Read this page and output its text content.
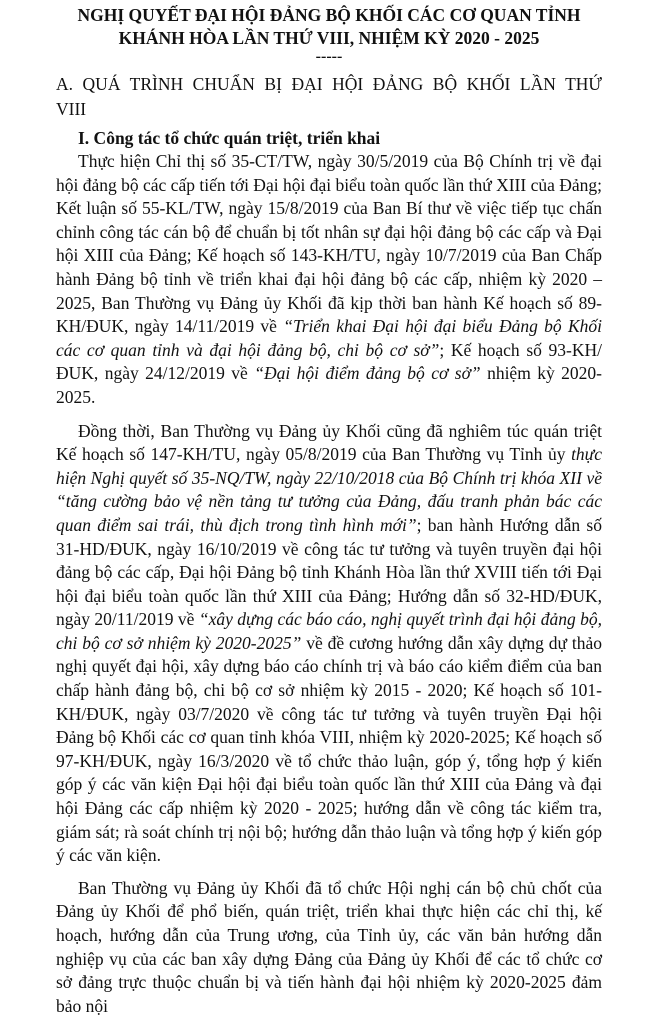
NGHỊ QUYẾT ĐẠI HỘI ĐẢNG BỘ KHỐI CÁC CƠ QUAN TỈNH
KHÁNH HÒA LẦN THỨ VIII, NHIỆM KỲ 2020 - 2025
-----
A. QUÁ TRÌNH CHUẨN BỊ ĐẠI HỘI ĐẢNG BỘ KHỐI LẦN THỨ VIII
I. Công tác tổ chức quán triệt, triển khai

Thực hiện Chỉ thị số 35-CT/TW, ngày 30/5/2019 của Bộ Chính trị về đại hội đảng bộ các cấp tiến tới Đại hội đại biểu toàn quốc lần thứ XIII của Đảng; Kết luận số 55-KL/TW, ngày 15/8/2019 của Ban Bí thư về việc tiếp tục chấn chỉnh công tác cán bộ để chuẩn bị tốt nhân sự đại hội đảng bộ các cấp và Đại hội XIII của Đảng; Kế hoạch số 143-KH/TU, ngày 10/7/2019 của Ban Chấp hành Đảng bộ tỉnh về triển khai đại hội đảng bộ các cấp, nhiệm kỳ 2020 – 2025, Ban Thường vụ Đảng ủy Khối đã kịp thời ban hành Kế hoạch số 89-KH/ĐUK, ngày 14/11/2019 về “Triển khai Đại hội đại biểu Đảng bộ Khối các cơ quan tỉnh và đại hội đảng bộ, chi bộ cơ sở”; Kế hoạch số 93-KH/ĐUK, ngày 24/12/2019 về “Đại hội điểm đảng bộ cơ sở” nhiệm kỳ 2020-2025.

Đồng thời, Ban Thường vụ Đảng ủy Khối cũng đã nghiêm túc quán triệt Kế hoạch số 147-KH/TU, ngày 05/8/2019 của Ban Thường vụ Tỉnh ủy thực hiện Nghị quyết số 35-NQ/TW, ngày 22/10/2018 của Bộ Chính trị khóa XII về “tăng cường bảo vệ nền tảng tư tưởng của Đảng, đấu tranh phản bác các quan điểm sai trái, thù địch trong tình hình mới”; ban hành Hướng dẫn số 31-HD/ĐUK, ngày 16/10/2019 về công tác tư tưởng và tuyên truyền đại hội đảng bộ các cấp, Đại hội Đảng bộ tỉnh Khánh Hòa lần thứ XVIII tiến tới Đại hội đại biểu toàn quốc lần thứ XIII của Đảng; Hướng dẫn số 32-HD/ĐUK, ngày 20/11/2019 về “xây dựng các báo cáo, nghị quyết trình đại hội đảng bộ, chi bộ cơ sở nhiệm kỳ 2020-2025” về đề cương hướng dẫn xây dựng dự thảo nghị quyết đại hội, xây dựng báo cáo chính trị và báo cáo kiểm điểm của ban chấp hành đảng bộ, chi bộ cơ sở nhiệm kỳ 2015 - 2020; Kế hoạch số 101-KH/ĐUK, ngày 03/7/2020 về công tác tư tưởng và tuyên truyền Đại hội Đảng bộ Khối các cơ quan tỉnh khóa VIII, nhiệm kỳ 2020-2025; Kế hoạch số 97-KH/ĐUK, ngày 16/3/2020 về tổ chức thảo luận, góp ý, tổng hợp ý kiến góp ý các văn kiện Đại hội đại biểu toàn quốc lần thứ XIII của Đảng và đại hội Đảng các cấp nhiệm kỳ 2020 - 2025; hướng dẫn về công tác kiểm tra, giám sát; rà soát chính trị nội bộ; hướng dẫn thảo luận và tổng hợp ý kiến góp ý các văn kiện.

Ban Thường vụ Đảng ủy Khối đã tổ chức Hội nghị cán bộ chủ chốt của Đảng ủy Khối để phổ biến, quán triệt, triển khai thực hiện các chỉ thị, kế hoạch, hướng dẫn của Trung ương, của Tỉnh ủy, các văn bản hướng dẫn nghiệp vụ của các ban xây dựng Đảng của Đảng ủy Khối để các tổ chức cơ sở đảng trực thuộc chuẩn bị và tiến hành đại hội nhiệm kỳ 2020-2025 đảm bảo nội
